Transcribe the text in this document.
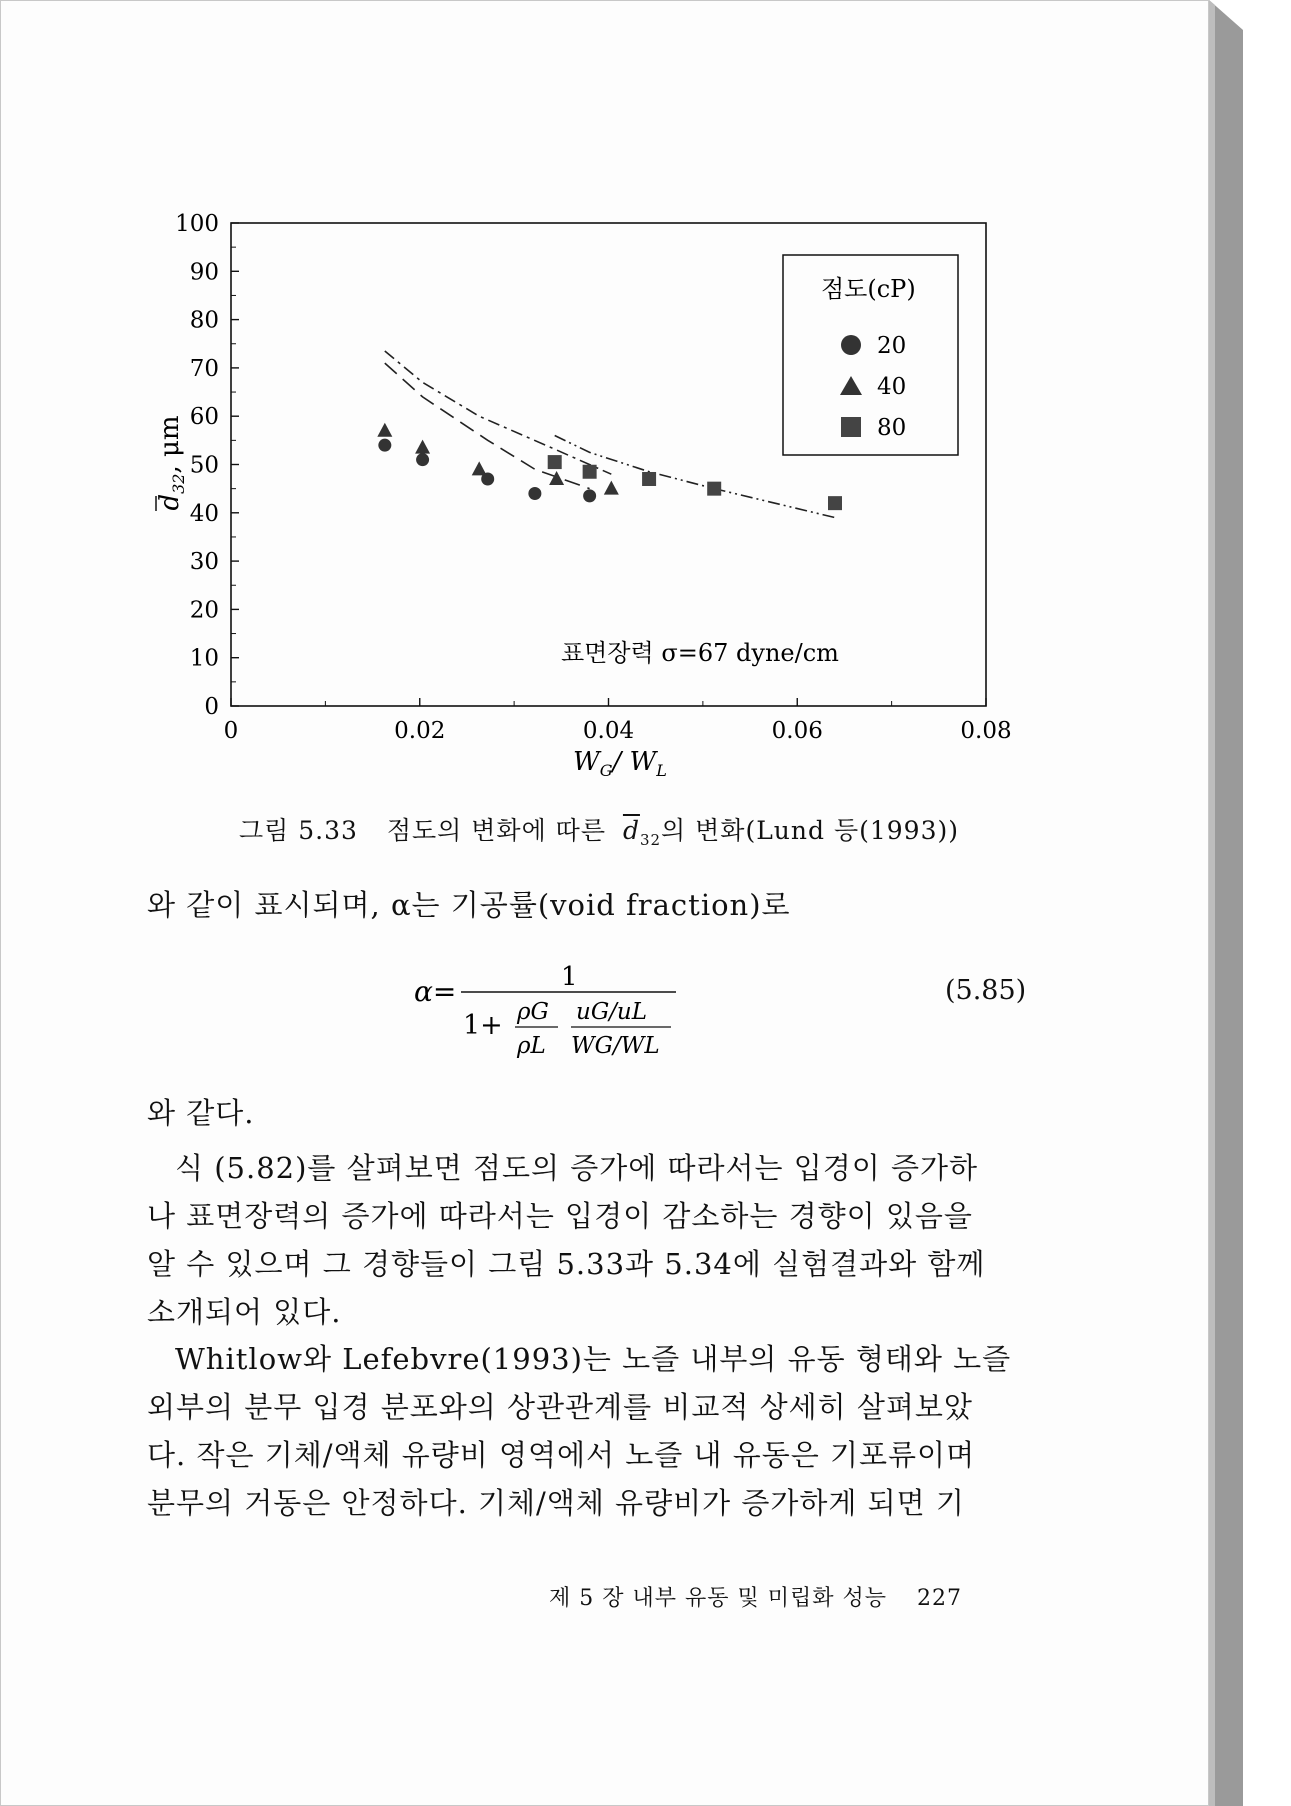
0
10
20
30
40
50
60
70
80
90
100
0	0.02	0.04	0.06	0.08
점도(cP)
20
40
80
표면장력 σ=67 dyne/cm
$d_{32}$, μm
$W_G/$ $W_L$
그림 5.33 점도의 변화에 따른 $\overline{d}_{32}$의 변화(Lund 등(1993))
와 같이 표시되며, α는 기공률(void fraction)로
α=	1
1+ ρG
ρL
uG/uL
WG/WL
(5.85)
와 같다.
식 (5.82)를 살펴보면 점도의 증가에 따라서는 입경이 증가하
나 표면장력의 증가에 따라서는 입경이 감소하는 경향이 있음을
알 수 있으며 그 경향들이 그림 5.33과 5.34에 실험결과와 함께
소개되어 있다.
Whitlow와 Lefebvre(1993)는 노즐 내부의 유동 형태와 노즐
외부의 분무 입경 분포와의 상관관계를 비교적 상세히 살펴보았
다. 작은 기체/액체 유량비 영역에서 노즐 내 유동은 기포류이며
분무의 거동은 안정하다. 기체/액체 유량비가 증가하게 되면 기
제 5 장 내부 유동 및 미립화 성능 227
